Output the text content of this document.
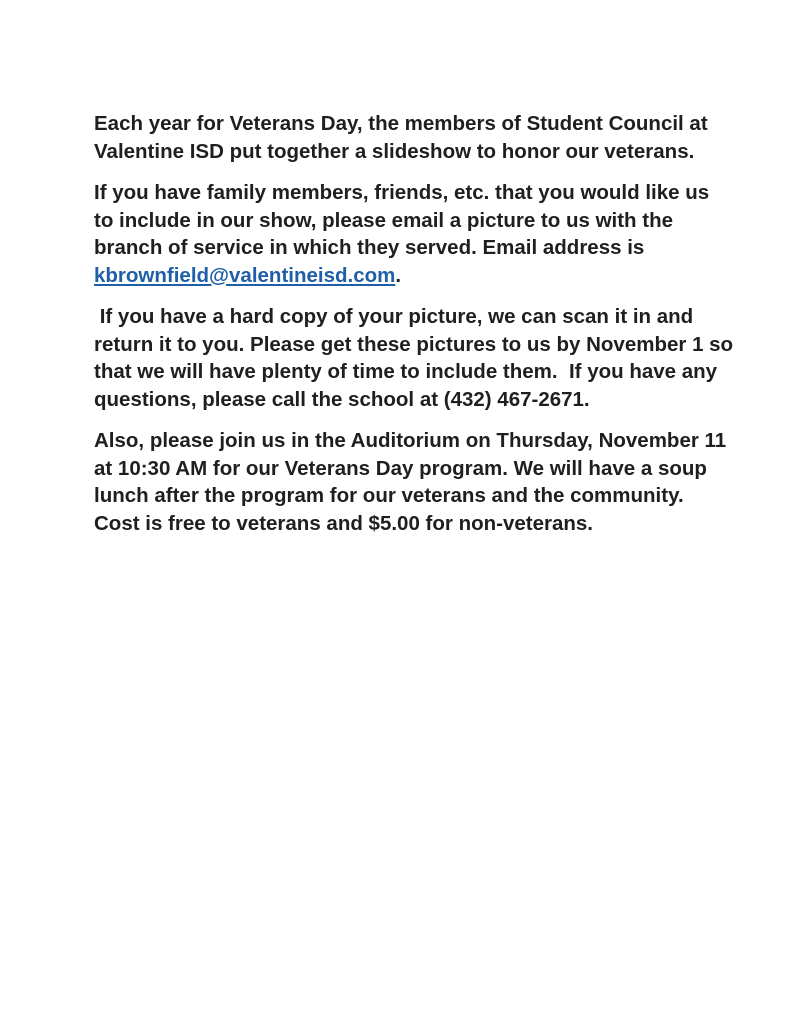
Each year for Veterans Day, the members of Student Council at Valentine ISD put together a slideshow to honor our veterans.

If you have family members, friends, etc. that you would like us to include in our show, please email a picture to us with the branch of service in which they served. Email address is kbrownfield@valentineisd.com.

If you have a hard copy of your picture, we can scan it in and return it to you. Please get these pictures to us by November 1 so that we will have plenty of time to include them.  If you have any questions, please call the school at (432) 467-2671.

Also, please join us in the Auditorium on Thursday, November 11 at 10:30 AM for our Veterans Day program. We will have a soup lunch after the program for our veterans and the community.  Cost is free to veterans and $5.00 for non-veterans.
